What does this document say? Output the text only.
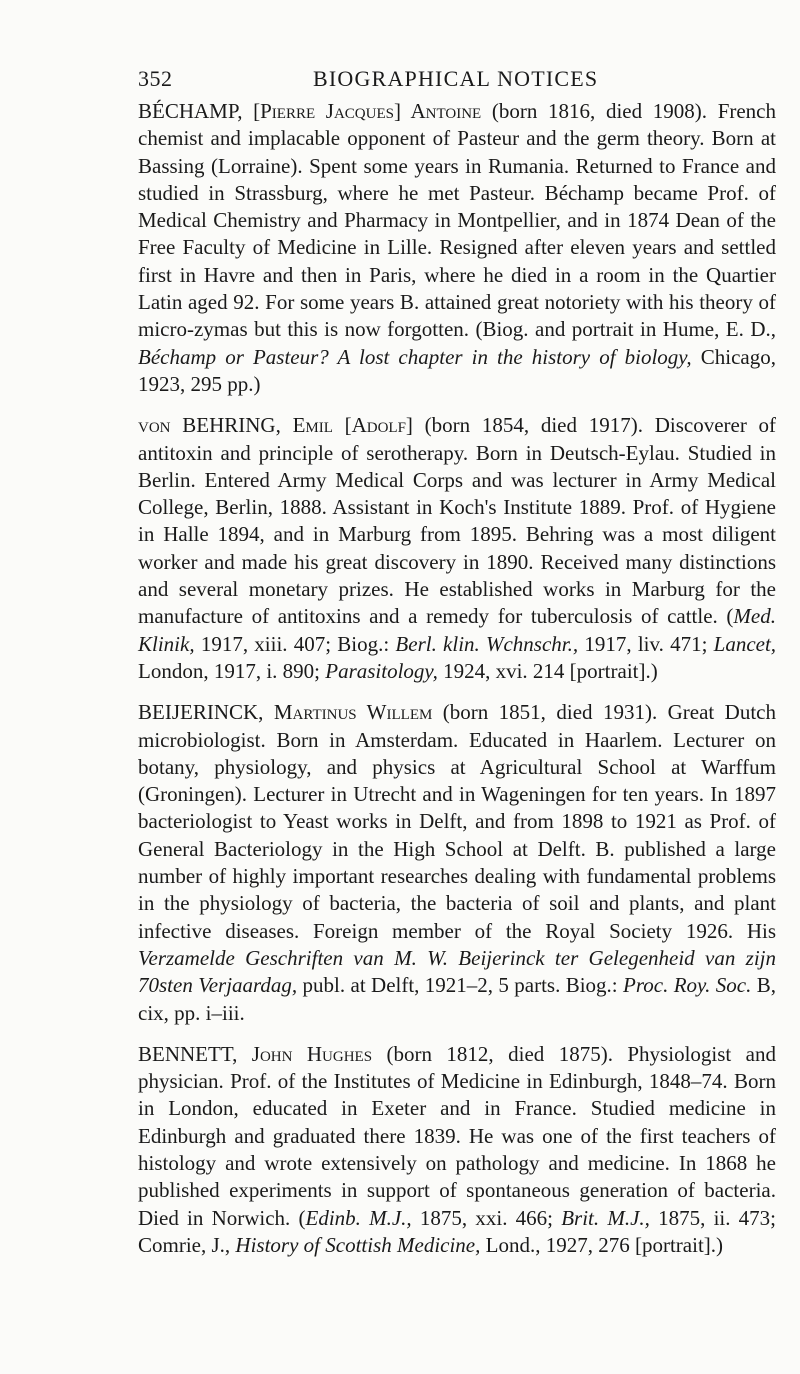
352	BIOGRAPHICAL NOTICES

BÉCHAMP, [Pierre Jacques] Antoine (born 1816, died 1908). French chemist and implacable opponent of Pasteur and the germ theory. Born at Bassing (Lorraine). Spent some years in Rumania. Returned to France and studied in Strassburg, where he met Pasteur. Béchamp became Prof. of Medical Chemistry and Pharmacy in Montpellier, and in 1874 Dean of the Free Faculty of Medicine in Lille. Resigned after eleven years and settled first in Havre and then in Paris, where he died in a room in the Quartier Latin aged 92. For some years B. attained great notoriety with his theory of micro-zymas but this is now forgotten. (Biog. and portrait in Hume, E. D., Béchamp or Pasteur? A lost chapter in the history of biology, Chicago, 1923, 295 pp.)

von BEHRING, Emil [Adolf] (born 1854, died 1917). Discoverer of antitoxin and principle of serotherapy. Born in Deutsch-Eylau. Studied in Berlin. Entered Army Medical Corps and was lecturer in Army Medical College, Berlin, 1888. Assistant in Koch's Institute 1889. Prof. of Hygiene in Halle 1894, and in Marburg from 1895. Behring was a most diligent worker and made his great discovery in 1890. Received many distinctions and several monetary prizes. He established works in Marburg for the manufacture of antitoxins and a remedy for tuberculosis of cattle. (Med. Klinik, 1917, xiii. 407; Biog.: Berl. klin. Wchnschr., 1917, liv. 471; Lancet, London, 1917, i. 890; Parasitology, 1924, xvi. 214 [portrait].)

BEIJERINCK, Martinus Willem (born 1851, died 1931). Great Dutch microbiologist. Born in Amsterdam. Educated in Haarlem. Lecturer on botany, physiology, and physics at Agricultural School at Warffum (Groningen). Lecturer in Utrecht and in Wageningen for ten years. In 1897 bacteriologist to Yeast works in Delft, and from 1898 to 1921 as Prof. of General Bacteriology in the High School at Delft. B. published a large number of highly important researches dealing with fundamental problems in the physiology of bacteria, the bacteria of soil and plants, and plant infective diseases. Foreign member of the Royal Society 1926. His Verzamelde Geschriften van M. W. Beijerinck ter Gelegenheid van zijn 70sten Verjaardag, publ. at Delft, 1921–2, 5 parts. Biog.: Proc. Roy. Soc. B, cix, pp. i–iii.

BENNETT, John Hughes (born 1812, died 1875). Physiologist and physician. Prof. of the Institutes of Medicine in Edinburgh, 1848–74. Born in London, educated in Exeter and in France. Studied medicine in Edinburgh and graduated there 1839. He was one of the first teachers of histology and wrote extensively on pathology and medicine. In 1868 he published experiments in support of spontaneous generation of bacteria. Died in Norwich. (Edinb. M.J., 1875, xxi. 466; Brit. M.J., 1875, ii. 473; Comrie, J., History of Scottish Medicine, Lond., 1927, 276 [portrait].)
